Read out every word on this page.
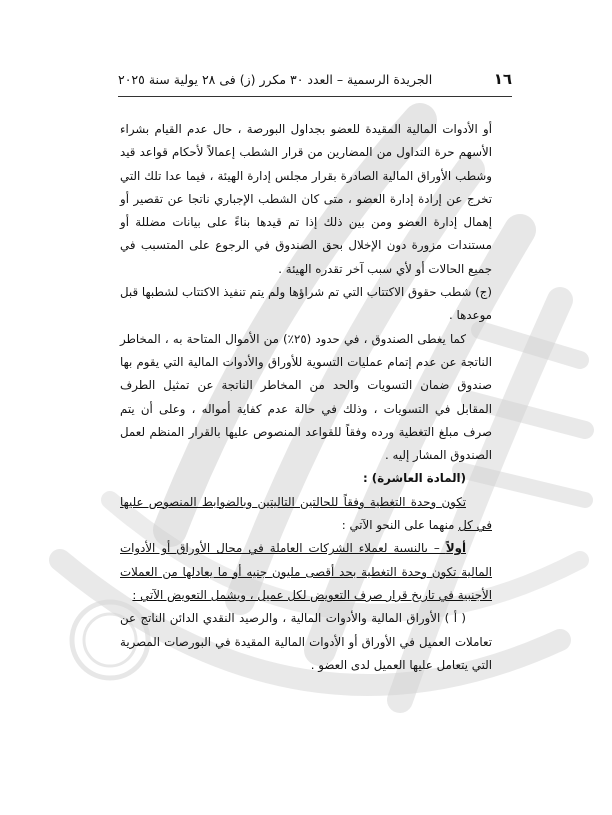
١٦
الجريدة الرسمية – العدد ٣٠ مكرر (ز) فى ٢٨ يولية سنة ٢٠٢٥

أو الأدوات المالية المقيدة للعضو بجداول البورصة ، حال عدم القيام بشراء الأسهم حرة التداول من المضارين من قرار الشطب إعمالاً لأحكام قواعد قيد وشطب الأوراق المالية الصادرة بقرار مجلس إدارة الهيئة ، فيما عدا تلك التي تخرج عن إرادة إدارة العضو ، متى كان الشطب الإجباري ناتجا عن تقصير أو إهمال إدارة العضو ومن بين ذلك إذا تم قيدها بناءً على بيانات مضللة أو مستندات مزورة دون الإخلال بحق الصندوق في الرجوع على المتسبب في جميع الحالات أو لأي سبب آخر تقدره الهيئة .

(ج) شطب حقوق الاكتتاب التي تم شراؤها ولم يتم تنفيذ الاكتتاب لشطبها قبل موعدها .

كما يغطى الصندوق ، في حدود (٢٥٪) من الأموال المتاحة به ، المخاطر الناتجة عن عدم إتمام عمليات التسوية للأوراق والأدوات المالية التي يقوم بها صندوق ضمان التسويات والحد من المخاطر الناتجة عن تمثيل الطرف المقابل في التسويات ، وذلك في حالة عدم كفاية أمواله ، وعلى أن يتم صرف مبلغ التغطية ورده وفقاً للقواعد المنصوص عليها بالقرار المنظم لعمل الصندوق المشار إليه .

(المادة العاشرة) :

تكون وحدة التغطية وفقاً للحالتين التاليتين وبالضوابط المنصوص عليها في كل منهما على النحو الآتي :

أولاً – بالنسبة لعملاء الشركات العاملة في مجال الأوراق أو الأدوات المالية تكون وحدة التغطية بحد أقصى مليون جنيه أو ما يعادلها من العملات الأجنبية في تاريخ قرار صرف التعويض لكل عميل ، ويشمل التعويض الآتي :

( أ ) الأوراق المالية والأدوات المالية ، والرصيد النقدي الدائن الناتج عن تعاملات العميل في الأوراق أو الأدوات المالية المقيدة في البورصات المصرية التي يتعامل عليها العميل لدى العضو .
